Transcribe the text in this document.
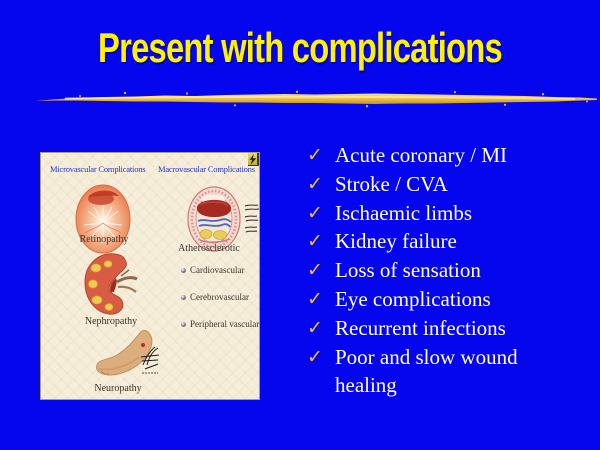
Present with complications
Microvascular Complications Macrovascular Complications
Retinopathy
Nephropathy
Neuropathy
Atherosclerotic
Cardiovascular
Cerebrovascular
Peripheral vascular
✓ Acute coronary / MI
✓ Stroke / CVA
✓ Ischaemic limbs
✓ Kidney failure
✓ Loss of sensation
✓ Eye complications
✓ Recurrent infections
✓ Poor and slow wound healing
